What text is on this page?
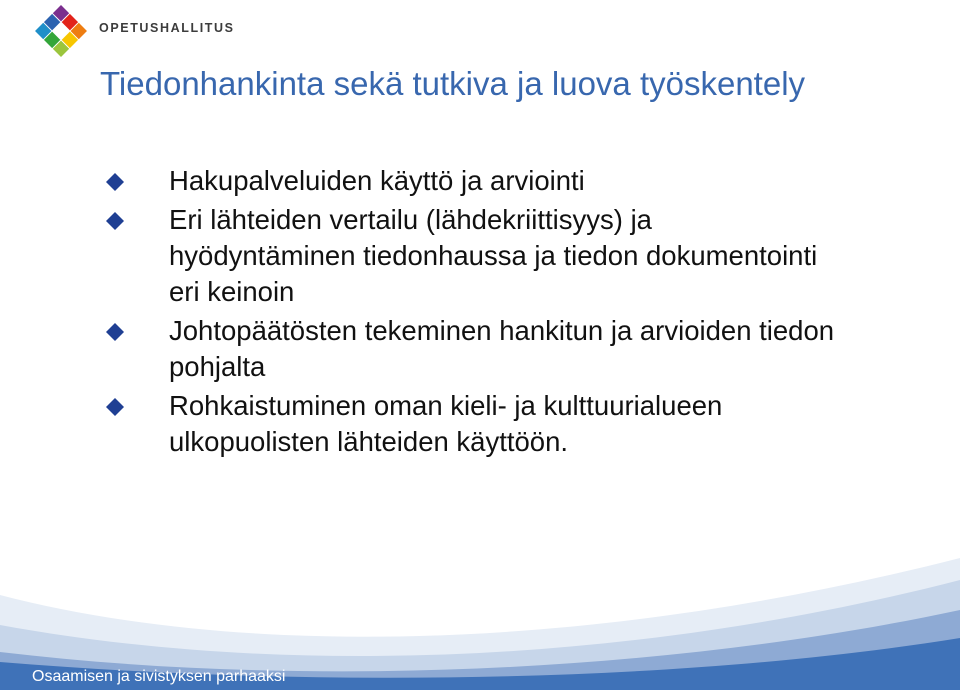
OPETUSHALLITUS
Tiedonhankinta sekä tutkiva ja luova työskentely
Hakupalveluiden käyttö ja arviointi
Eri lähteiden vertailu (lähdekriittisyys) ja
hyödyntäminen tiedonhaussa ja tiedon dokumentointi
eri keinoin
Johtopäätösten tekeminen hankitun ja arvioiden tiedon
pohjalta
Rohkaistuminen oman kieli- ja kulttuurialueen
ulkopuolisten lähteiden käyttöön.
Osaamisen ja sivistyksen parhaaksi
